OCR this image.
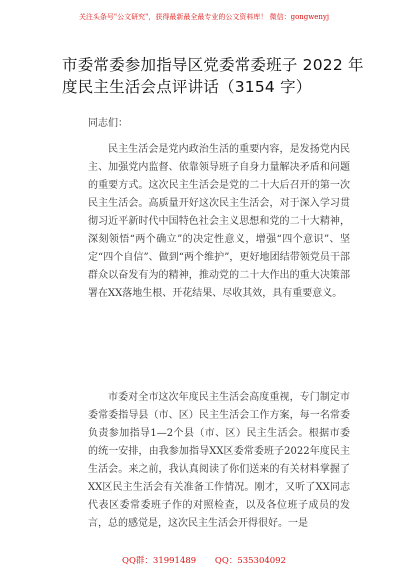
关注头条号"公文研究"，获得最新最全最专业的公文资料库！ 微信：gongwenyj
市委常委参加指导区党委常委班子 2022 年度民主生活会点评讲话（3154 字）
同志们：

民主生活会是党内政治生活的重要内容，是发扬党内民主、加强党内监督、依靠领导班子自身力量解决矛盾和问题的重要方式。这次民主生活会是党的二十大后召开的第一次民主生活会。高质量开好这次民主生活会，对于深入学习贯彻习近平新时代中国特色社会主义思想和党的二十大精神，深刻领悟“两个确立”的决定性意义，增强“四个意识”、坚定“四个自信”、做到“两个维护”，更好地团结带领党员干部群众以奋发有为的精神，推动党的二十大作出的重大决策部署在XX落地生根、开花结果、尽收其效，具有重要意义。

市委对全市这次年度民主生活会高度重视，专门制定市委常委指导县（市、区）民主生活会工作方案，每一名常委负责参加指导1—2个县（市、区）民主生活会。根据市委的统一安排，由我参加指导XX区委常委班子2022年度民主生活会。来之前，我认真阅读了你们送来的有关材料掌握了XX区民主生活会有关准备工作情况。刚才，又听了XX同志代表区委常委班子作的对照检查，以及各位班子成员的发言，总的感觉是，这次民主生活会开得很好。一是

QQ群：31991489 QQ：535304092
